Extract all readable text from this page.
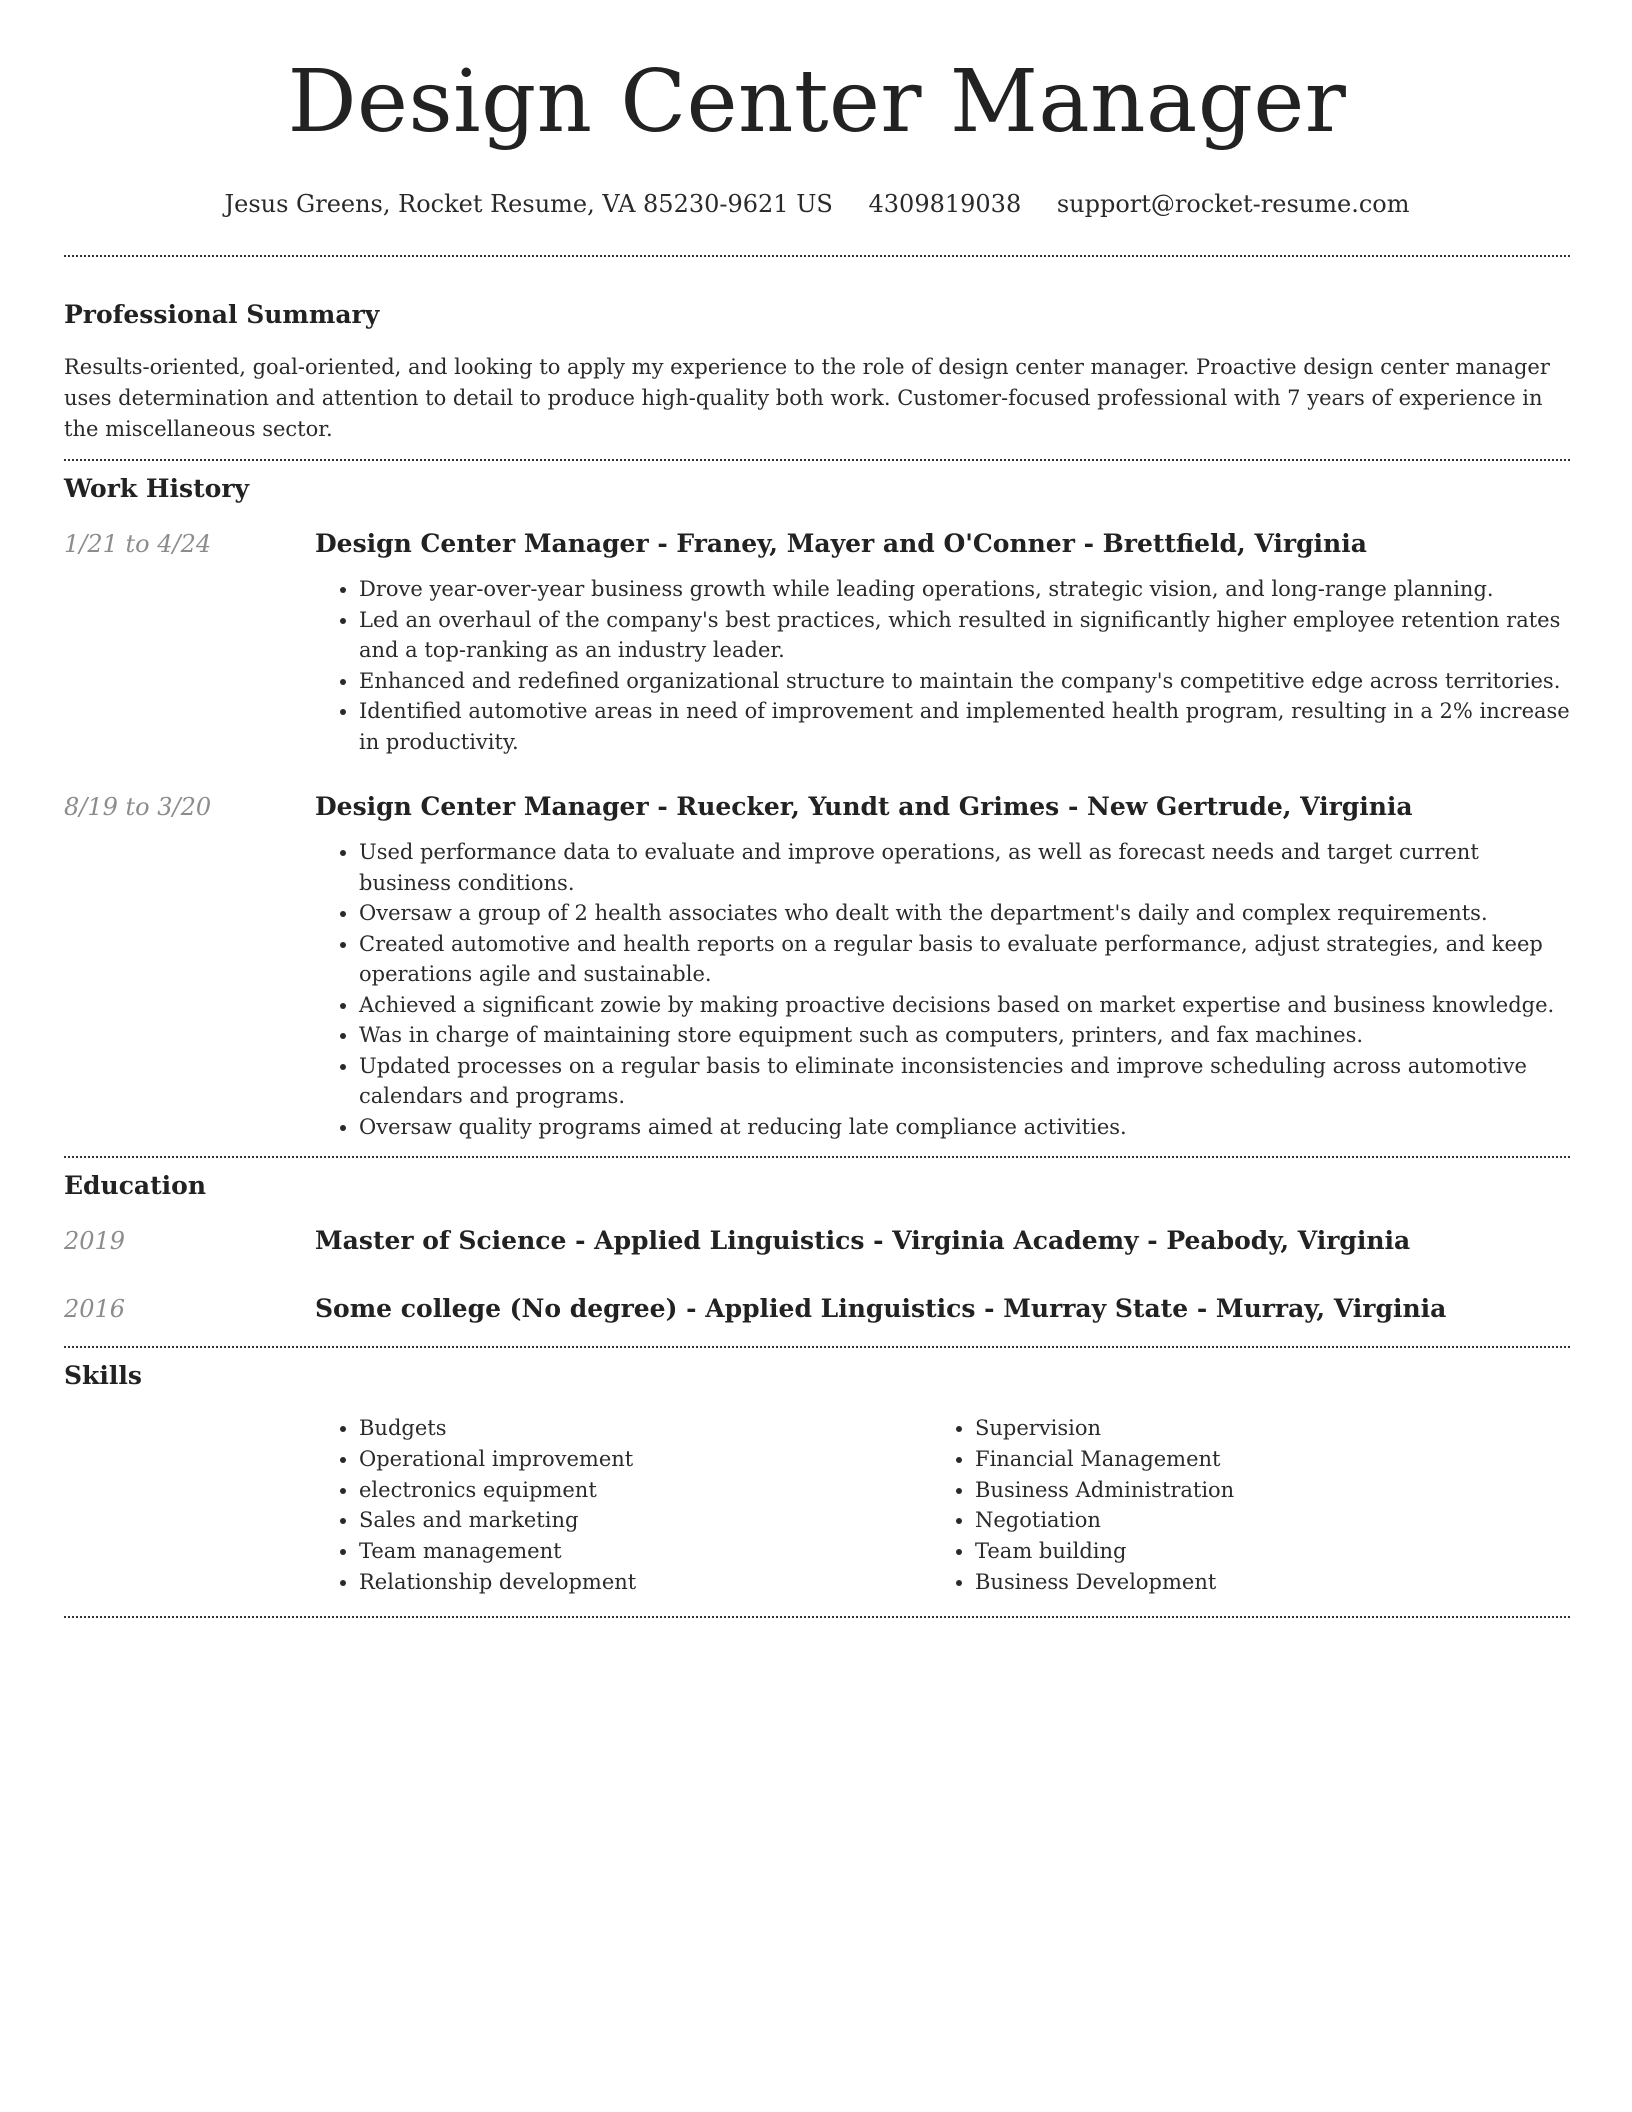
Design Center Manager
Jesus Greens, Rocket Resume, VA 85230-9621 US 4309819038 support@rocket-resume.com
Professional Summary

Results-oriented, goal-oriented, and looking to apply my experience to the role of design center manager. Proactive design center manager uses determination and attention to detail to produce high-quality both work. Customer-focused professional with 7 years of experience in the miscellaneous sector.

Work History
1/21 to 4/24	Design Center Manager - Franey, Mayer and O'Conner - Brettfield, Virginia
• Drove year-over-year business growth while leading operations, strategic vision, and long-range planning.
• Led an overhaul of the company's best practices, which resulted in significantly higher employee retention rates and a top-ranking as an industry leader.
• Enhanced and redefined organizational structure to maintain the company's competitive edge across territories.
• Identified automotive areas in need of improvement and implemented health program, resulting in a 2% increase in productivity.
8/19 to 3/20	Design Center Manager - Ruecker, Yundt and Grimes - New Gertrude, Virginia
• Used performance data to evaluate and improve operations, as well as forecast needs and target current business conditions.
• Oversaw a group of 2 health associates who dealt with the department's daily and complex requirements.
• Created automotive and health reports on a regular basis to evaluate performance, adjust strategies, and keep operations agile and sustainable.
• Achieved a significant zowie by making proactive decisions based on market expertise and business knowledge.
• Was in charge of maintaining store equipment such as computers, printers, and fax machines.
• Updated processes on a regular basis to eliminate inconsistencies and improve scheduling across automotive calendars and programs.
• Oversaw quality programs aimed at reducing late compliance activities.
Education
2019	Master of Science - Applied Linguistics - Virginia Academy - Peabody, Virginia
2016	Some college (No degree) - Applied Linguistics - Murray State - Murray, Virginia
Skills
• Budgets
• Operational improvement
• electronics equipment
• Sales and marketing
• Team management
• Relationship development
• Supervision
• Financial Management
• Business Administration
• Negotiation
• Team building
• Business Development
